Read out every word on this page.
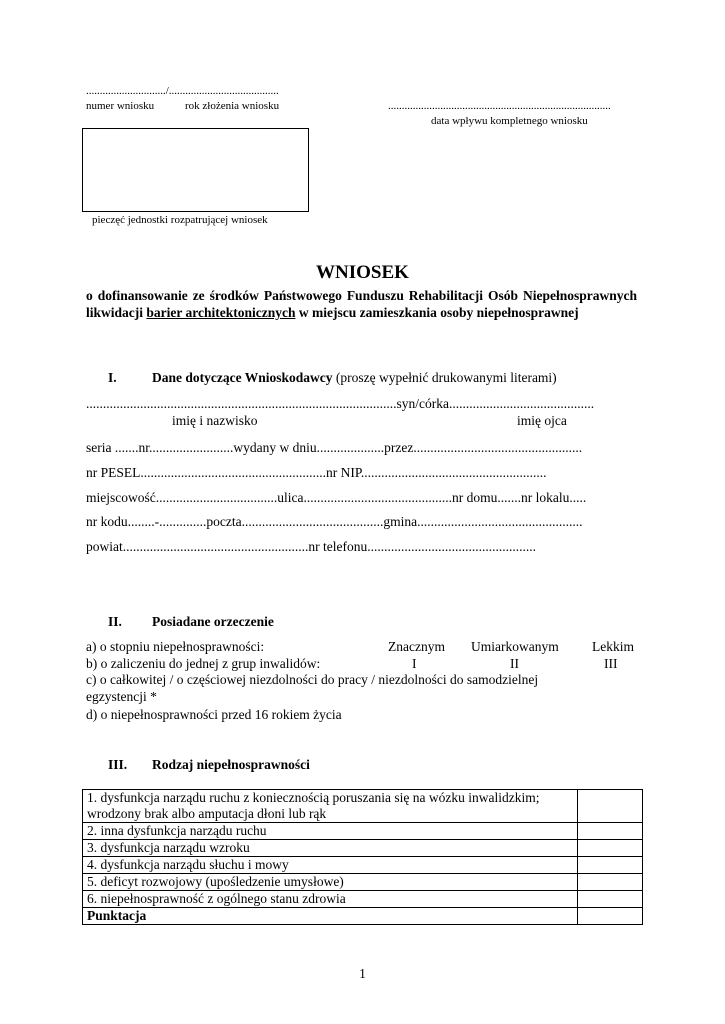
............................./........................................
numer wniosku	rok złożenia wniosku	.................................................................................
data wpływu kompletnego wniosku
pieczęć jednostki rozpatrującej wniosek
WNIOSEK
o dofinansowanie ze środków Państwowego Funduszu Rehabilitacji Osób Niepełnosprawnych likwidacji barier architektonicznych w miejscu zamieszkania osoby niepełnosprawnej
I.	Dane dotyczące Wnioskodawcy (proszę wypełnić drukowanymi literami)
............................................................................................syn/córka...........................................
imię i nazwisko	imię ojca
seria .......nr.........................wydany w dniu....................przez..................................................
nr PESEL.......................................................nr NIP.......................................................
miejscowość....................................ulica............................................nr domu.......nr lokalu.....
nr kodu........-..............poczta..........................................gmina.................................................
powiat.......................................................nr telefonu..................................................
II. Posiadane orzeczenie
a) o stopniu niepełnosprawności:	Znacznym Umiarkowanym Lekkim
b) o zaliczeniu do jednej z grup inwalidów:	I	II	III
c) o całkowitej / o częściowej niezdolności do pracy / niezdolności do samodzielnej
egzystencji *
d) o niepełnosprawności przed 16 rokiem życia
III. Rodzaj niepełnosprawności
1. dysfunkcja narządu ruchu z koniecznością poruszania się na wózku inwalidzkim; wrodzony brak albo amputacja dłoni lub rąk	
2. inna dysfunkcja narządu ruchu	
3. dysfunkcja narządu wzroku	
4. dysfunkcja narządu słuchu i mowy	
5. deficyt rozwojowy (upośledzenie umysłowe)	
6. niepełnosprawność z ogólnego stanu zdrowia	
Punktacja	
1
